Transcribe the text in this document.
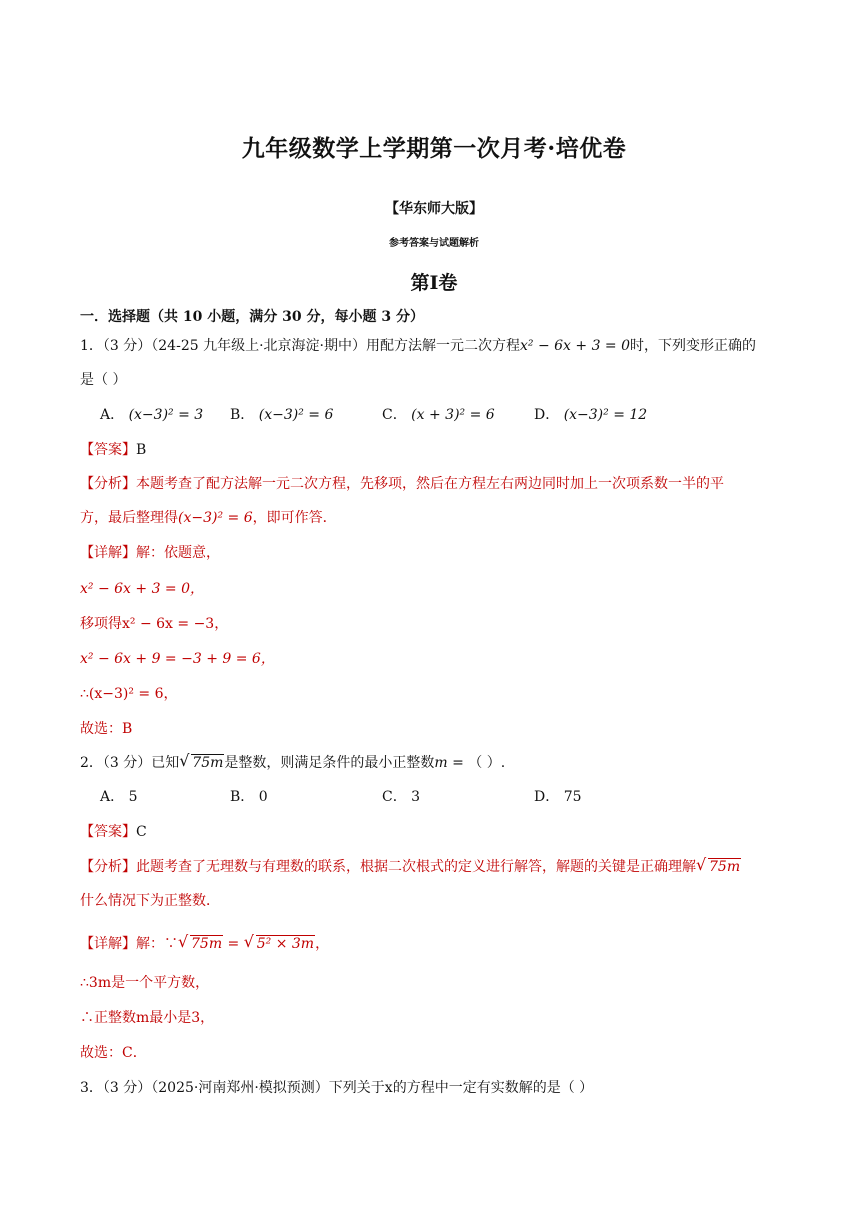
九年级数学上学期第一次月考·培优卷
【华东师大版】
参考答案与试题解析
第Ⅰ卷
一．选择题（共 10 小题，满分 30 分，每小题 3 分）
1．（3 分）（24-25 九年级上·北京海淀·期中）用配方法解一元二次方程x² − 6x + 3 = 0时，下列变形正确的
是（ ）
A． (x−3)² = 3 B． (x−3)² = 6	C． (x + 3)² = 6	D． (x−3)² = 12
【答案】B
【分析】本题考查了配方法解一元二次方程，先移项，然后在方程左右两边同时加上一次项系数一半的平
方，最后整理得(x−3)² = 6，即可作答．
【详解】解：依题意，
x² − 6x + 3 = 0，
移项得x² − 6x = −3，
x² − 6x + 9 = −3 + 9 = 6，
∴(x−3)² = 6，
故选：B
2．（3 分）已知 √ 75m是整数，则满足条件的最小正整数m = （ ）.
A． 5	B． 0	C． 3	D． 75
【答案】C
【分析】此题考查了无理数与有理数的联系，根据二次根式的定义进行解答，解题的关键是正确理解 √ 75m
什么情况下为正整数．
【详解】解：∵ √ 75m = √ 5² × 3m，
∴3m是一个平方数，
∴正整数m最小是3，
故选：C．
3．（3 分）（2025·河南郑州·模拟预测）下列关于x的方程中一定有实数解的是（ ）
